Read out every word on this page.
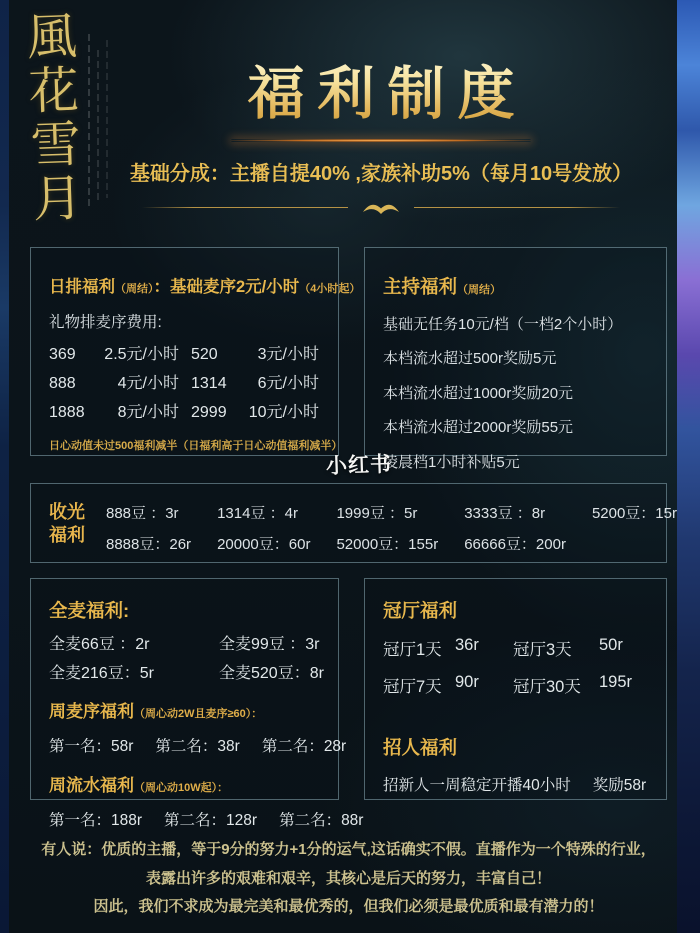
風花雪月	福利制度
基础分成：主播自提40% ,家族补助5%（每月10号发放）
日排福利（周结）：基础麦序2元/小时（4小时起）
礼物排麦序费用:
369	2.5元/小时 520	3元/小时
888	4元/小时 1314	6元/小时
1888	8元/小时 2999	10元/小时
日心动值未过500福利减半（日福利高于日心动值福利减半）
主持福利（周结）
基础无任务10元/档（一档2个小时）
本档流水超过500r奖励5元
本档流水超过1000r奖励20元
本档流水超过2000r奖励55元
凌晨档1小时补贴5元
小红书
收光
福利
888豆 ：3r	1314豆 ：4r	1999豆 ：5r	3333豆 ：8r	5200豆：15r
8888豆：26r 20000豆：60r 52000豆：155r 66666豆：200r
全麦福利:
全麦66豆 ：2r	全麦99豆 ：3r
全麦216豆：5r	全麦520豆：8r
周麦序福利（周心动2W且麦序≥60）：
第一名：58r 第二名：38r 第二名：28r
周流水福利（周心动10W起）：
第一名：188r 第二名：128r 第二名：88r
冠厅福利
冠厅1天 36r	冠厅3天	50r
冠厅7天 90r	冠厅30天	195r
招人福利
招新人一周稳定开播40小时 奖励58r
有人说：优质的主播，等于9分的努力+1分的运气,这话确实不假。直播作为一个特殊的行业，
表露出许多的艰难和艰辛，其核心是后天的努力，丰富自己！
因此，我们不求成为最完美和最优秀的，但我们必须是最优质和最有潜力的！
